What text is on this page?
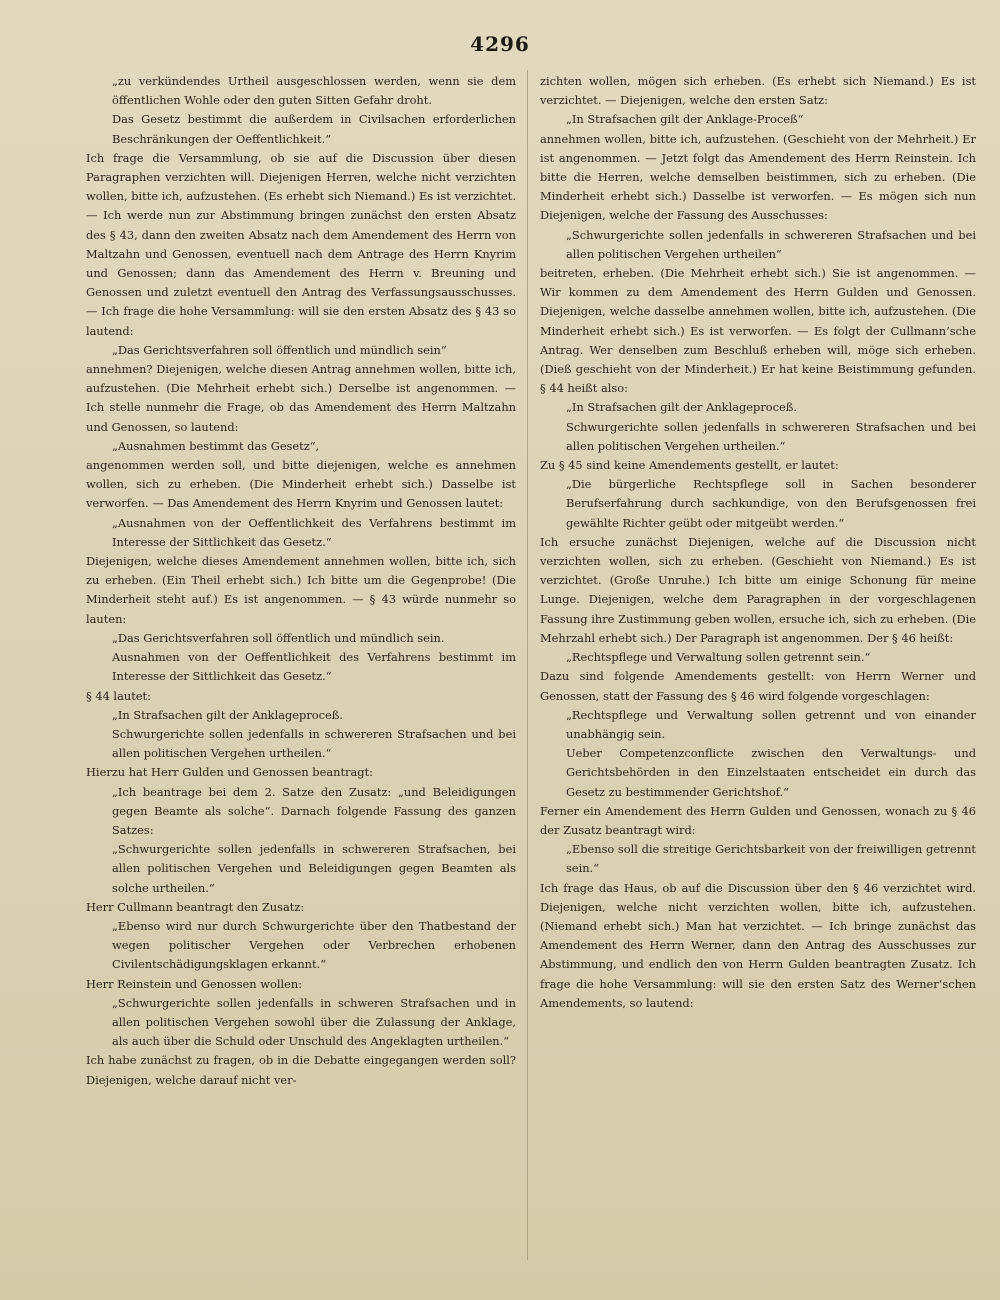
4296

„zu verkündendes Urtheil ausgeschlossen werden, wenn sie dem öffentlichen Wohle oder den guten Sitten Gefahr droht.

Das Gesetz bestimmt die außerdem in Civilsachen erforderlichen Beschränkungen der Oeffentlichkeit.“

Ich frage die Versammlung, ob sie auf die Discussion über diesen Paragraphen verzichten will. Diejenigen Herren, welche nicht verzichten wollen, bitte ich, aufzustehen. (Es erhebt sich Niemand.) Es ist verzichtet. — Ich werde nun zur Abstimmung bringen zunächst den ersten Absatz des § 43, dann den zweiten Absatz nach dem Amendement des Herrn von Maltzahn und Genossen, eventuell nach dem Antrage des Herrn Knyrim und Genossen; dann das Amendement des Herrn v. Breuning und Genossen und zuletzt eventuell den Antrag des Verfassungsausschusses. — Ich frage die hohe Versammlung: will sie den ersten Absatz des § 43 so lautend:

„Das Gerichtsverfahren soll öffentlich und mündlich sein“

annehmen? Diejenigen, welche diesen Antrag annehmen wollen, bitte ich, aufzustehen. (Die Mehrheit erhebt sich.) Derselbe ist angenommen. — Ich stelle nunmehr die Frage, ob das Amendement des Herrn Maltzahn und Genossen, so lautend:

„Ausnahmen bestimmt das Gesetz“,

angenommen werden soll, und bitte diejenigen, welche es annehmen wollen, sich zu erheben. (Die Minderheit erhebt sich.) Dasselbe ist verworfen. — Das Amendement des Herrn Knyrim und Genossen lautet:

„Ausnahmen von der Oeffentlichkeit des Verfahrens bestimmt im Interesse der Sittlichkeit das Gesetz.“

Diejenigen, welche dieses Amendement annehmen wollen, bitte ich, sich zu erheben. (Ein Theil erhebt sich.) Ich bitte um die Gegenprobe! (Die Minderheit steht auf.) Es ist angenommen. — § 43 würde nunmehr so lauten:

„Das Gerichtsverfahren soll öffentlich und mündlich sein.

Ausnahmen von der Oeffentlichkeit des Verfahrens bestimmt im Interesse der Sittlichkeit das Gesetz.“

§ 44 lautet:

„In Strafsachen gilt der Anklageproceß.

Schwurgerichte sollen jedenfalls in schwereren Strafsachen und bei allen politischen Vergehen urtheilen.“

Hierzu hat Herr Gulden und Genossen beantragt:

„Ich beantrage bei dem 2. Satze den Zusatz: „und Beleidigungen gegen Beamte als solche“. Darnach folgende Fassung des ganzen Satzes:

„Schwurgerichte sollen jedenfalls in schwereren Strafsachen, bei allen politischen Vergehen und Beleidigungen gegen Beamten als solche urtheilen.“

Herr Cullmann beantragt den Zusatz:

„Ebenso wird nur durch Schwurgerichte über den Thatbestand der wegen politischer Vergehen oder Verbrechen erhobenen Civilentschädigungsklagen erkannt.“

Herr Reinstein und Genossen wollen:

„Schwurgerichte sollen jedenfalls in schweren Strafsachen und in allen politischen Vergehen sowohl über die Zulassung der Anklage, als auch über die Schuld oder Unschuld des Angeklagten urtheilen.“

Ich habe zunächst zu fragen, ob in die Debatte eingegangen werden soll? Diejenigen, welche darauf nicht ver-

zichten wollen, mögen sich erheben. (Es erhebt sich Niemand.) Es ist verzichtet. — Diejenigen, welche den ersten Satz:

„In Strafsachen gilt der Anklage-Proceß“

annehmen wollen, bitte ich, aufzustehen. (Geschieht von der Mehrheit.) Er ist angenommen. — Jetzt folgt das Amendement des Herrn Reinstein. Ich bitte die Herren, welche demselben beistimmen, sich zu erheben. (Die Minderheit erhebt sich.) Dasselbe ist verworfen. — Es mögen sich nun Diejenigen, welche der Fassung des Ausschusses:

„Schwurgerichte sollen jedenfalls in schwereren Strafsachen und bei allen politischen Vergehen urtheilen“

beitreten, erheben. (Die Mehrheit erhebt sich.) Sie ist angenommen. — Wir kommen zu dem Amendement des Herrn Gulden und Genossen. Diejenigen, welche dasselbe annehmen wollen, bitte ich, aufzustehen. (Die Minderheit erhebt sich.) Es ist verworfen. — Es folgt der Cullmann’sche Antrag. Wer denselben zum Beschluß erheben will, möge sich erheben. (Dieß geschieht von der Minderheit.) Er hat keine Beistimmung gefunden. § 44 heißt also:

„In Strafsachen gilt der Anklageproceß.

Schwurgerichte sollen jedenfalls in schwereren Strafsachen und bei allen politischen Vergehen urtheilen.“

Zu § 45 sind keine Amendements gestellt, er lautet:

„Die bürgerliche Rechtspflege soll in Sachen besonderer Berufserfahrung durch sachkundige, von den Berufsgenossen frei gewählte Richter geübt oder mitgeübt werden.“

Ich ersuche zunächst Diejenigen, welche auf die Discussion nicht verzichten wollen, sich zu erheben. (Geschieht von Niemand.) Es ist verzichtet. (Große Unruhe.) Ich bitte um einige Schonung für meine Lunge. Diejenigen, welche dem Paragraphen in der vorgeschlagenen Fassung ihre Zustimmung geben wollen, ersuche ich, sich zu erheben. (Die Mehrzahl erhebt sich.) Der Paragraph ist angenommen. Der § 46 heißt:

„Rechtspflege und Verwaltung sollen getrennt sein.“

Dazu sind folgende Amendements gestellt: von Herrn Werner und Genossen, statt der Fassung des § 46 wird folgende vorgeschlagen:

„Rechtspflege und Verwaltung sollen getrennt und von einander unabhängig sein.

Ueber Competenzconflicte zwischen den Verwaltungs- und Gerichtsbehörden in den Einzelstaaten entscheidet ein durch das Gesetz zu bestimmender Gerichtshof.“

Ferner ein Amendement des Herrn Gulden und Genossen, wonach zu § 46 der Zusatz beantragt wird:

„Ebenso soll die streitige Gerichtsbarkeit von der freiwilligen getrennt sein.“

Ich frage das Haus, ob auf die Discussion über den § 46 verzichtet wird. Diejenigen, welche nicht verzichten wollen, bitte ich, aufzustehen. (Niemand erhebt sich.) Man hat verzichtet. — Ich bringe zunächst das Amendement des Herrn Werner, dann den Antrag des Ausschusses zur Abstimmung, und endlich den von Herrn Gulden beantragten Zusatz. Ich frage die hohe Versammlung: will sie den ersten Satz des Werner’schen Amendements, so lautend:
